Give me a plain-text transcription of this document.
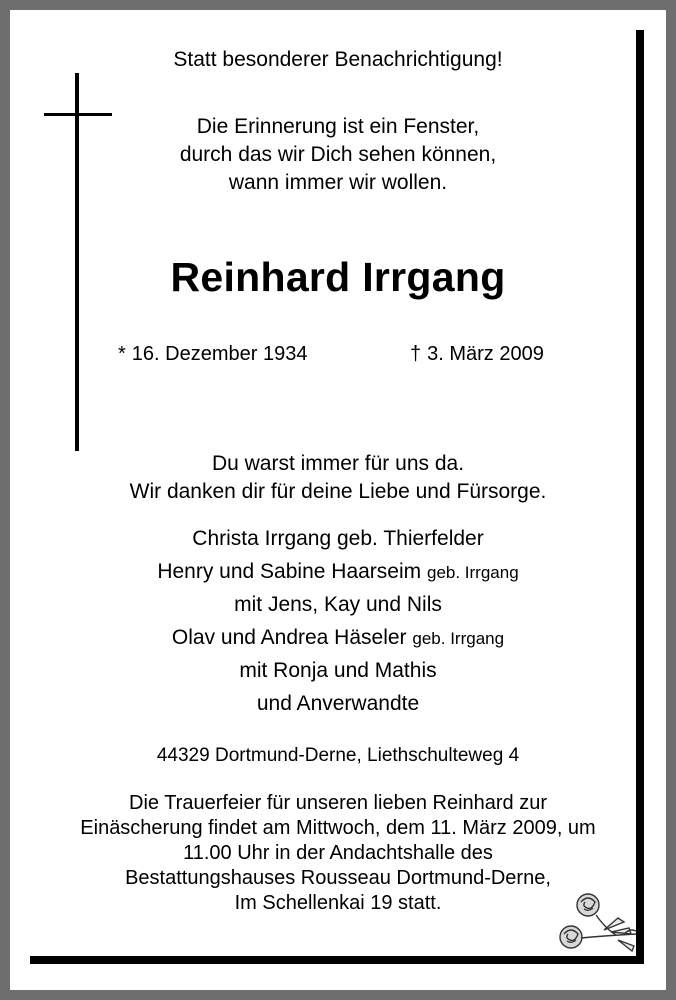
Statt besonderer Benachrichtigung!
Die Erinnerung ist ein Fenster,
durch das wir Dich sehen können,
wann immer wir wollen.
Reinhard Irrgang
* 16. Dezember 1934	† 3. März 2009
Du warst immer für uns da.
Wir danken dir für deine Liebe und Fürsorge.
Christa Irrgang geb. Thierfelder
Henry und Sabine Haarseim geb. Irrgang
mit Jens, Kay und Nils
Olav und Andrea Häseler geb. Irrgang
mit Ronja und Mathis
und Anverwandte
44329 Dortmund-Derne, Liethschulteweg 4
Die Trauerfeier für unseren lieben Reinhard zur
Einäscherung findet am Mittwoch, dem 11. März 2009, um
11.00 Uhr in der Andachtshalle des
Bestattungshauses Rousseau Dortmund-Derne,
Im Schellenkai 19 statt.
